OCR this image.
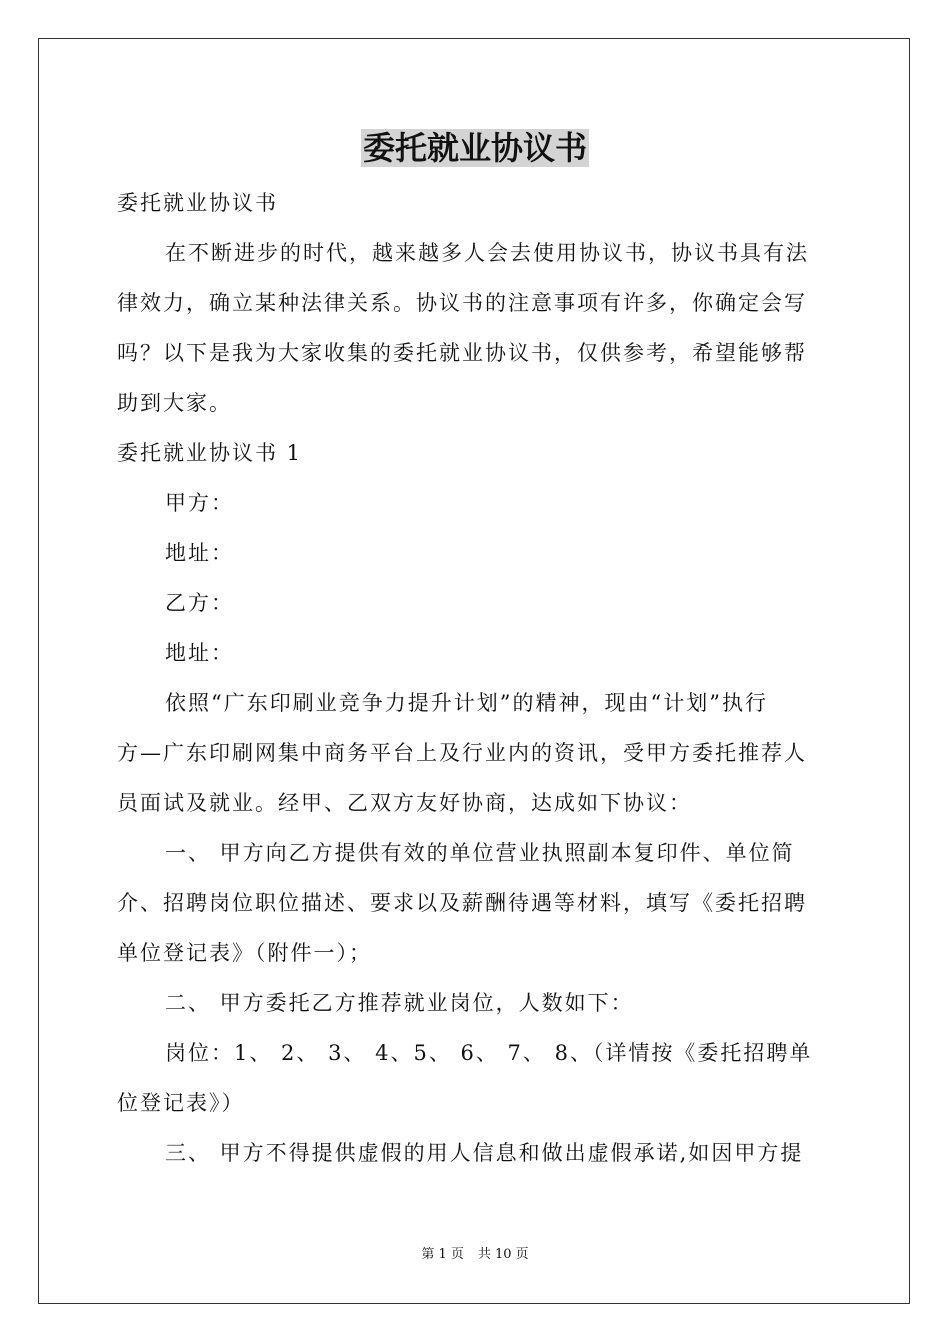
委托就业协议书
委托就业协议书
在不断进步的时代，越来越多人会去使用协议书，协议书具有法
律效力，确立某种法律关系。协议书的注意事项有许多，你确定会写
吗？以下是我为大家收集的委托就业协议书，仅供参考，希望能够帮
助到大家。
委托就业协议书 1
甲方：
地址：
乙方：
地址：
依照“广东印刷业竞争力提升计划”的精神，现由“计划”执行
方—广东印刷网集中商务平台上及行业内的资讯，受甲方委托推荐人
员面试及就业。经甲、乙双方友好协商，达成如下协议：
一、 甲方向乙方提供有效的单位营业执照副本复印件、单位简
介、招聘岗位职位描述、要求以及薪酬待遇等材料，填写《委托招聘
单位登记表》（附件一）；
二、 甲方委托乙方推荐就业岗位，人数如下：
岗位：1、 2、 3、 4、5、 6、 7、 8、（详情按《委托招聘单
位登记表》）
三、 甲方不得提供虚假的用人信息和做出虚假承诺,如因甲方提
第 1 页 共 10 页
